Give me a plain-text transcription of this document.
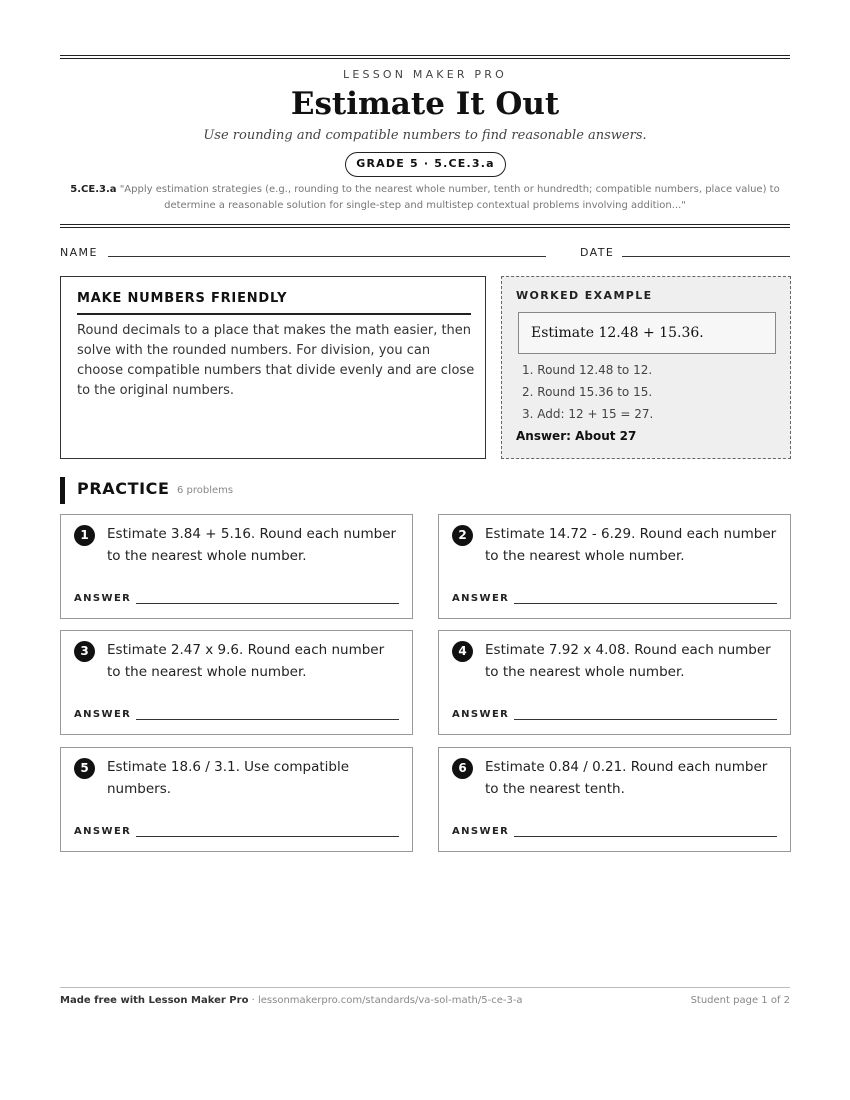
LESSON MAKER PRO
Estimate It Out
Use rounding and compatible numbers to find reasonable answers.
GRADE 5 · 5.CE.3.a
5.CE.3.a "Apply estimation strategies (e.g., rounding to the nearest whole number, tenth or hundredth; compatible numbers, place value) to determine a reasonable solution for single-step and multistep contextual problems involving addition..."
NAME	DATE
MAKE NUMBERS FRIENDLY
Round decimals to a place that makes the math easier, then solve with the rounded numbers. For division, you can choose compatible numbers that divide evenly and are close to the original numbers.
WORKED EXAMPLE
Estimate 12.48 + 15.36.
1. Round 12.48 to 12.
2. Round 15.36 to 15.
3. Add: 12 + 15 = 27.
Answer: About 27
PRACTICE 6 problems
1	Estimate 3.84 + 5.16. Round each number to the nearest whole number.
ANSWER
2	Estimate 14.72 - 6.29. Round each number to the nearest whole number.
ANSWER
3	Estimate 2.47 x 9.6. Round each number to the nearest whole number.
ANSWER
4	Estimate 7.92 x 4.08. Round each number to the nearest whole number.
ANSWER
5	Estimate 18.6 / 3.1. Use compatible numbers.
ANSWER
6	Estimate 0.84 / 0.21. Round each number to the nearest tenth.
ANSWER
Made free with Lesson Maker Pro · lessonmakerpro.com/standards/va-sol-math/5-ce-3-a	Student page 1 of 2
